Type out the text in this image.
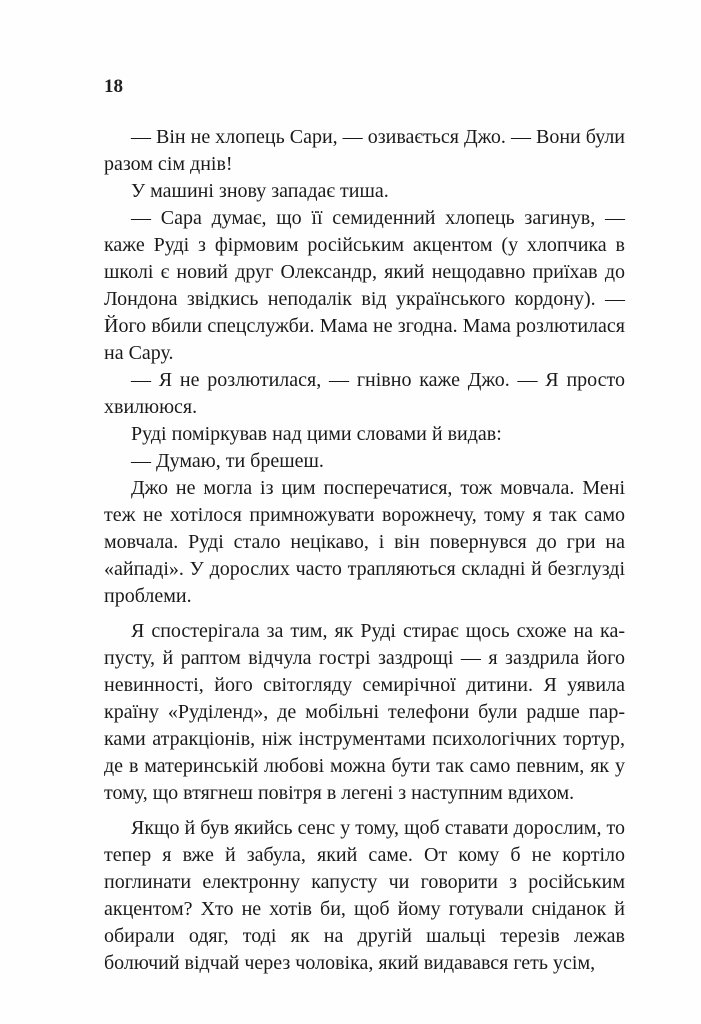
18

— Він не хлопець Сари, — озивається Джо. — Вони були разом сім днів!

У машині знову западає тиша.

— Сара думає, що її семиденний хлопець загинув, — каже Руді з фірмовим російським акцентом (у хлопчика в школі є новий друг Олександр, який нещодавно приїхав до Лондона звідкись неподалік від українського кордону). — Його вбили спецслужби. Мама не згодна. Мама розлютилася на Сару.

— Я не розлютилася, — гнівно каже Джо. — Я просто хвилююся.

Руді поміркував над цими словами й видав:

— Думаю, ти брешеш.

Джо не могла із цим посперечатися, тож мовчала. Мені теж не хотілося примножувати ворожнечу, тому я так само мовчала. Руді стало нецікаво, і він повернувся до гри на «айпаді». У дорослих часто трапляються складні й безглузді проблеми.

Я спостерігала за тим, як Руді стирає щось схоже на капусту, й раптом відчула гострі заздрощі — я заздрила його невинності, його світогляду семирічної дитини. Я уявила країну «Руділенд», де мобільні телефони були радше парками атракціонів, ніж інструментами психологічних тортур, де в материнській любові можна бути так само певним, як у тому, що втягнеш повітря в легені з наступним вдихом.

Якщо й був якийсь сенс у тому, щоб ставати дорослим, то тепер я вже й забула, який саме. От кому б не кортіло поглинати електронну капусту чи говорити з російським акцентом? Хто не хотів би, щоб йому готували сніданок й обирали одяг, тоді як на другій шальці терезів лежав болючий відчай через чоловіка, який видавався геть усім,
